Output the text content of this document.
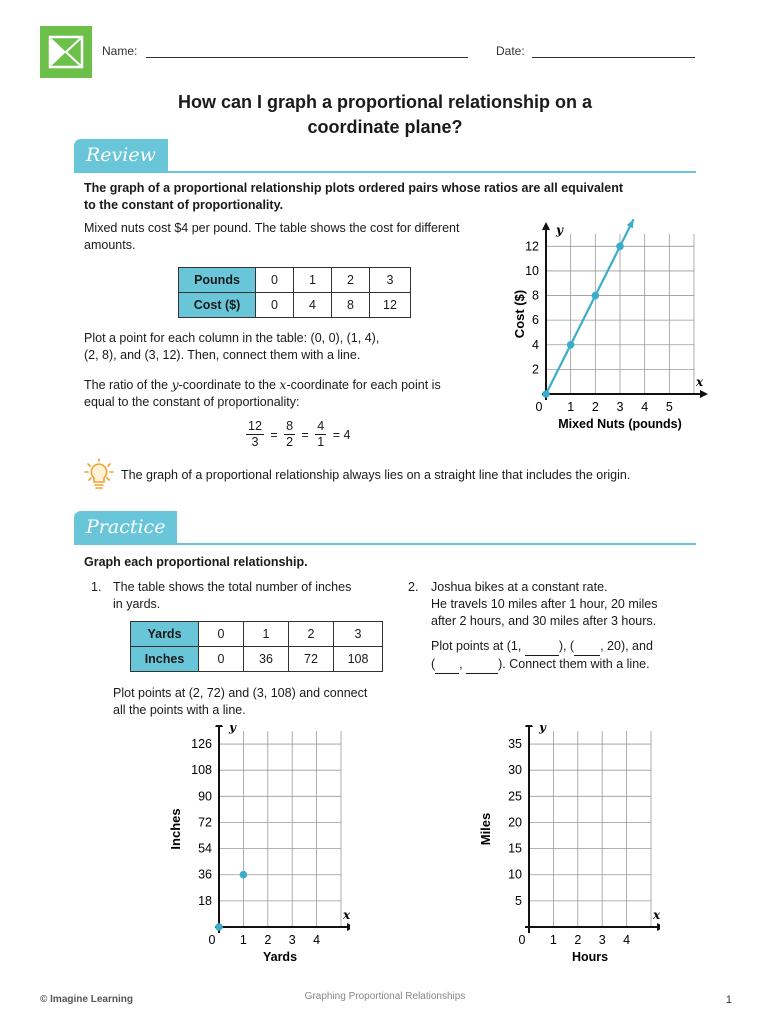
Name:	Date:
How can I graph a proportional relationship on a
coordinate plane?
Review
The graph of a proportional relationship plots ordered pairs whose ratios are all equivalent
to the constant of proportionality.
Mixed nuts cost $4 per pound. The table shows the cost for different
amounts.
Pounds	0	1	2	3
Cost ($)	0	4	8	12
Plot a point for each column in the table: (0, 0), (1, 4),
(2, 8), and (3, 12). Then, connect them with a line.
The ratio of the y-coordinate to the x-coordinate for each point is
equal to the constant of proportionality:
$\frac{12}{3} = \frac{8}{2} = \frac{4}{1} = 4$
y
x
0 1 2 3 4 5
2
4
6
8
10
12
Mixed Nuts (pounds)
Cost ($)
The graph of a proportional relationship always lies on a straight line that includes the origin.
Practice
Graph each proportional relationship.
1. The table shows the total number of inches
in yards.
Yards	0	1	2	3
Inches	0	36	72	108
Plot points at (2, 72) and (3, 108) and connect
all the points with a line.
2. Joshua bikes at a constant rate.
He travels 10 miles after 1 hour, 20 miles
after 2 hours, and 30 miles after 3 hours.
Plot points at (1,	), ( , 20), and
( ,	). Connect them with a line.
y
x
0 1 2 3 4
18
36
54
72
90
108
126
Yards
Inches
y
x
0 1 2 3 4
5
10
15
20
25
30
35
Hours
Miles
© Imagine Learning	Graphing Proportional Relationships	1
